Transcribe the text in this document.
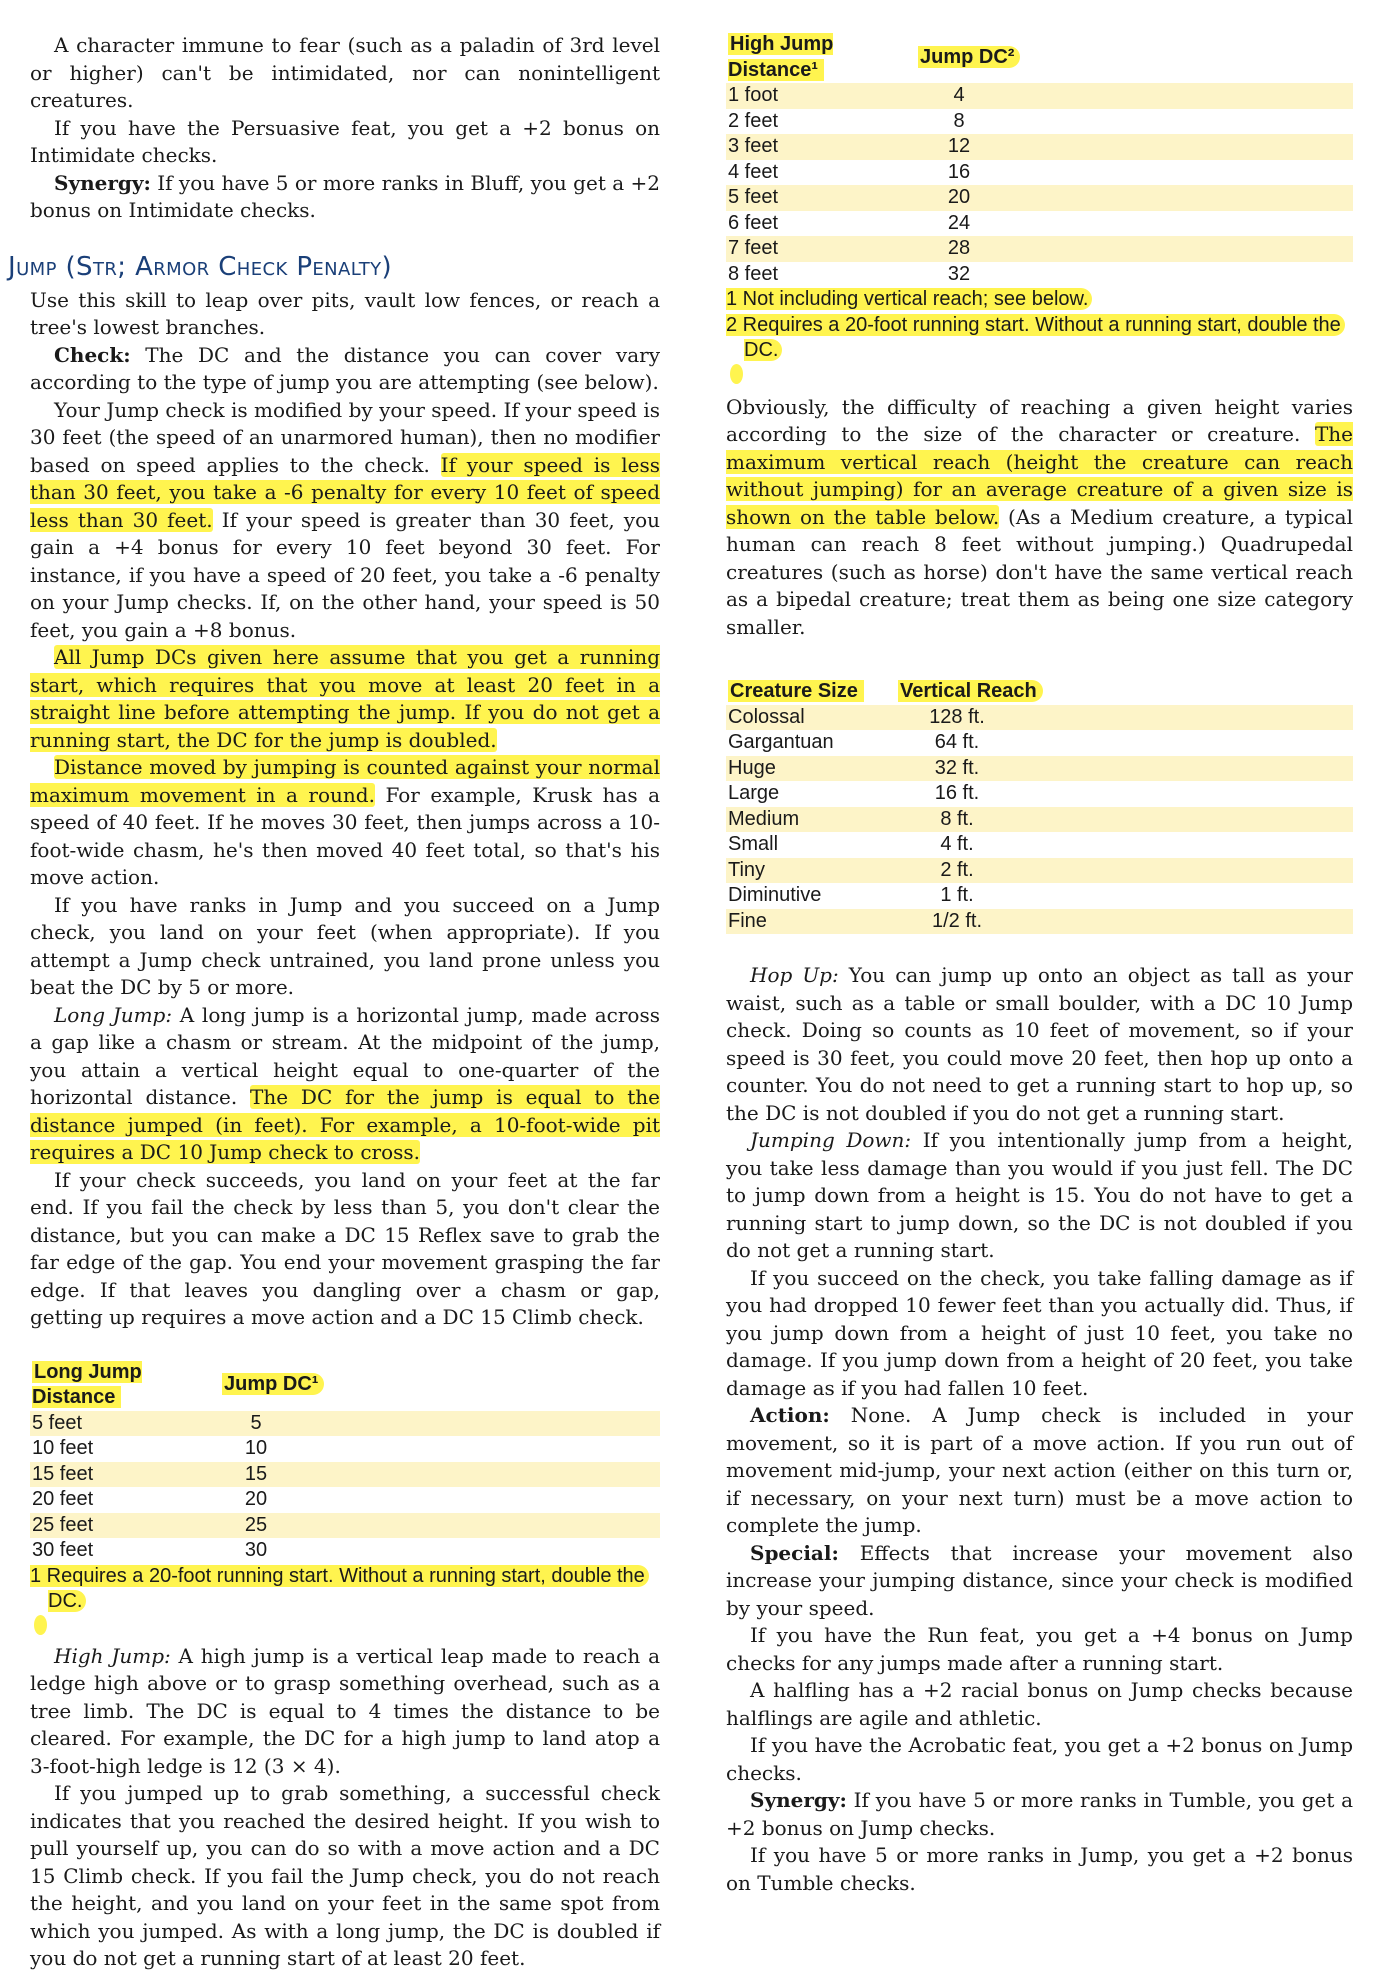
A character immune to fear (such as a paladin of 3rd level or higher) can't be intimidated, nor can nonintelligent creatures.

If you have the Persuasive feat, you get a +2 bonus on Intimidate checks.

Synergy: If you have 5 or more ranks in Bluff, you get a +2 bonus on Intimidate checks.

Jump (Str; Armor Check Penalty)

Use this skill to leap over pits, vault low fences, or reach a tree's lowest branches.

Check: The DC and the distance you can cover vary according to the type of jump you are attempting (see below).

Your Jump check is modified by your speed. If your speed is 30 feet (the speed of an unarmored human), then no modifier based on speed applies to the check. If your speed is less than 30 feet, you take a -6 penalty for every 10 feet of speed less than 30 feet. If your speed is greater than 30 feet, you gain a +4 bonus for every 10 feet beyond 30 feet. For instance, if you have a speed of 20 feet, you take a -6 penalty on your Jump checks. If, on the other hand, your speed is 50 feet, you gain a +8 bonus.

All Jump DCs given here assume that you get a running start, which requires that you move at least 20 feet in a straight line before attempting the jump. If you do not get a running start, the DC for the jump is doubled.

Distance moved by jumping is counted against your normal maximum movement in a round. For example, Krusk has a speed of 40 feet. If he moves 30 feet, then jumps across a 10-foot-wide chasm, he's then moved 40 feet total, so that's his move action.

If you have ranks in Jump and you succeed on a Jump check, you land on your feet (when appropriate). If you attempt a Jump check untrained, you land prone unless you beat the DC by 5 or more.

Long Jump: A long jump is a horizontal jump, made across a gap like a chasm or stream. At the midpoint of the jump, you attain a vertical height equal to one-quarter of the horizontal distance. The DC for the jump is equal to the distance jumped (in feet). For example, a 10-foot-wide pit requires a DC 10 Jump check to cross.

If your check succeeds, you land on your feet at the far end. If you fail the check by less than 5, you don't clear the distance, but you can make a DC 15 Reflex save to grab the far edge of the gap. You end your movement grasping the far edge. If that leaves you dangling over a chasm or gap, getting up requires a move action and a DC 15 Climb check.

Long Jump Distance	Jump DC¹	
5 feet	5	
10 feet	10	
15 feet	15	
20 feet	20	
25 feet	25	
30 feet	30	
1 Requires a 20-foot running start. Without a running start, double the
DC.

High Jump: A high jump is a vertical leap made to reach a ledge high above or to grasp something overhead, such as a tree limb. The DC is equal to 4 times the distance to be cleared. For example, the DC for a high jump to land atop a 3-foot-high ledge is 12 (3 × 4).

If you jumped up to grab something, a successful check indicates that you reached the desired height. If you wish to pull yourself up, you can do so with a move action and a DC 15 Climb check. If you fail the Jump check, you do not reach the height, and you land on your feet in the same spot from which you jumped. As with a long jump, the DC is doubled if you do not get a running start of at least 20 feet.

High Jump Distance¹	Jump DC²	
1 foot	4	
2 feet	8	
3 feet	12	
4 feet	16	
5 feet	20	
6 feet	24	
7 feet	28	
8 feet	32	
1 Not including vertical reach; see below.
2 Requires a 20-foot running start. Without a running start, double the
DC.

Obviously, the difficulty of reaching a given height varies according to the size of the character or creature. The maximum vertical reach (height the creature can reach without jumping) for an average creature of a given size is shown on the table below. (As a Medium creature, a typical human can reach 8 feet without jumping.) Quadrupedal creatures (such as horse) don't have the same vertical reach as a bipedal creature; treat them as being one size category smaller.

Creature Size	Vertical Reach	
Colossal	128 ft.	
Gargantuan	64 ft.	
Huge	32 ft.	
Large	16 ft.	
Medium	8 ft.	
Small	4 ft.	
Tiny	2 ft.	
Diminutive	1 ft.	
Fine	1/2 ft.	

Hop Up: You can jump up onto an object as tall as your waist, such as a table or small boulder, with a DC 10 Jump check. Doing so counts as 10 feet of movement, so if your speed is 30 feet, you could move 20 feet, then hop up onto a counter. You do not need to get a running start to hop up, so the DC is not doubled if you do not get a running start.

Jumping Down: If you intentionally jump from a height, you take less damage than you would if you just fell. The DC to jump down from a height is 15. You do not have to get a running start to jump down, so the DC is not doubled if you do not get a running start.

If you succeed on the check, you take falling damage as if you had dropped 10 fewer feet than you actually did. Thus, if you jump down from a height of just 10 feet, you take no damage. If you jump down from a height of 20 feet, you take damage as if you had fallen 10 feet.

Action: None. A Jump check is included in your movement, so it is part of a move action. If you run out of movement mid-jump, your next action (either on this turn or, if necessary, on your next turn) must be a move action to complete the jump.

Special: Effects that increase your movement also increase your jumping distance, since your check is modified by your speed.

If you have the Run feat, you get a +4 bonus on Jump checks for any jumps made after a running start.

A halfling has a +2 racial bonus on Jump checks because halflings are agile and athletic.

If you have the Acrobatic feat, you get a +2 bonus on Jump checks.

Synergy: If you have 5 or more ranks in Tumble, you get a +2 bonus on Jump checks.

If you have 5 or more ranks in Jump, you get a +2 bonus on Tumble checks.
